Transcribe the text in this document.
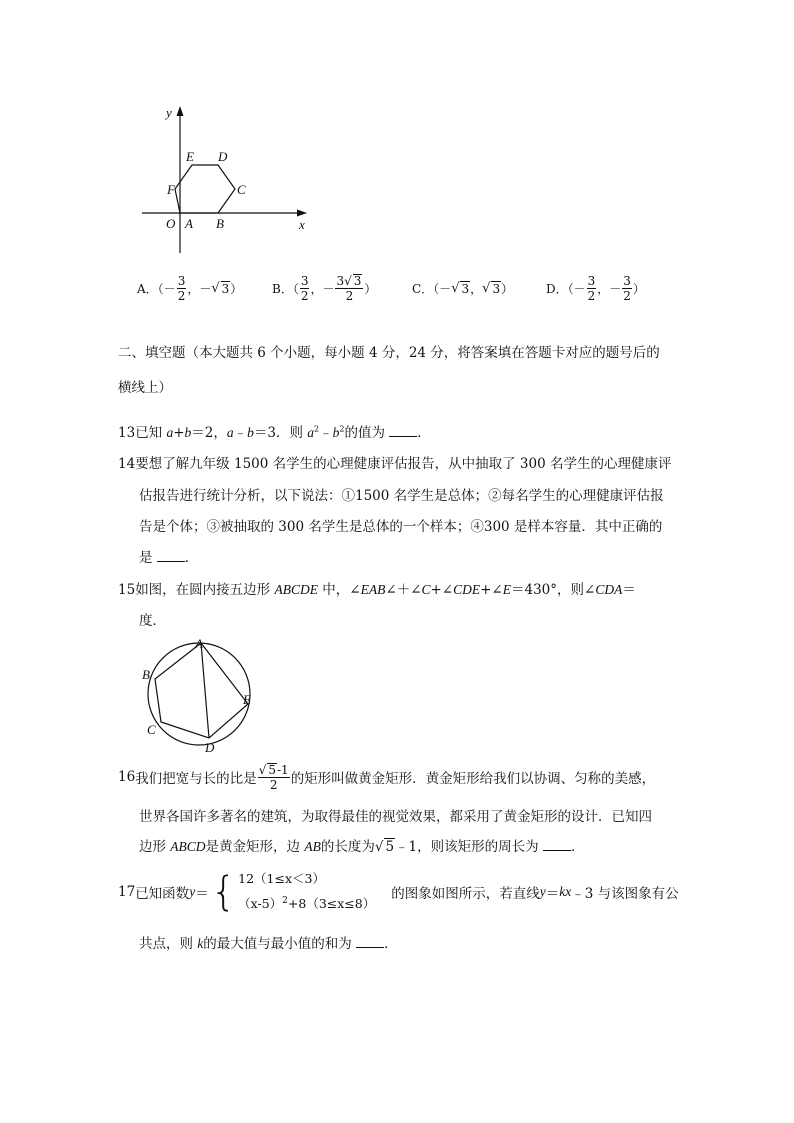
y
x
O A B
C
D
E
F
A．（ － $\frac{3}{2}$ ，－ √ 3 ） B．（ $\frac{3}{2}$ ，－ $\frac{3√ 3}{2}$ ）	C．（－ √ 3 ， √ 3 ）	D．（ － $\frac{3}{2}$ ，－ $\frac{3}{2}$ ）
二、填空题（本大题共 6 个小题，每小题 4 分，24 分，将答案填在答题卡对应的题号后的
横线上）
13已知 a+b＝2，a﹣b＝3．则 $a^2﹣b^2$的值为 ．
14要想了解九年级 1500 名学生的心理健康评估报告，从中抽取了 300 名学生的心理健康评
估报告进行统计分析，以下说法：①1500 名学生是总体；②每名学生的心理健康评估报
告是个体；③被抽取的 300 名学生是总体的一个样本；④300 是样本容量．其中正确的
是 ．
15如图，在圆内接五边形 ABCDE 中，∠EAB∠＋∠C+∠CDE+∠E＝430°，则∠CDA＝
度．
A
B
C
D
E
16 我们把宽与长的比是 $\frac{√ 5-1}{2}$ 的矩形叫做黄金矩形．黄金矩形给我们以协调、匀称的美感，
世界各国许多著名的建筑，为取得最佳的视觉效果，都采用了黄金矩形的设计．已知四
边形 ABCD是黄金矩形，边 AB的长度为√ 5﹣1，则该矩形的周长为 ．
17 已知函数 y ＝ { 12（1≤x＜3）
$(x-5)^2+8(3\le x\le 8)$
的图象如图所示，若直线 y ＝ kx ﹣3 与该图象有公
共点，则 k的最大值与最小值的和为 ．
